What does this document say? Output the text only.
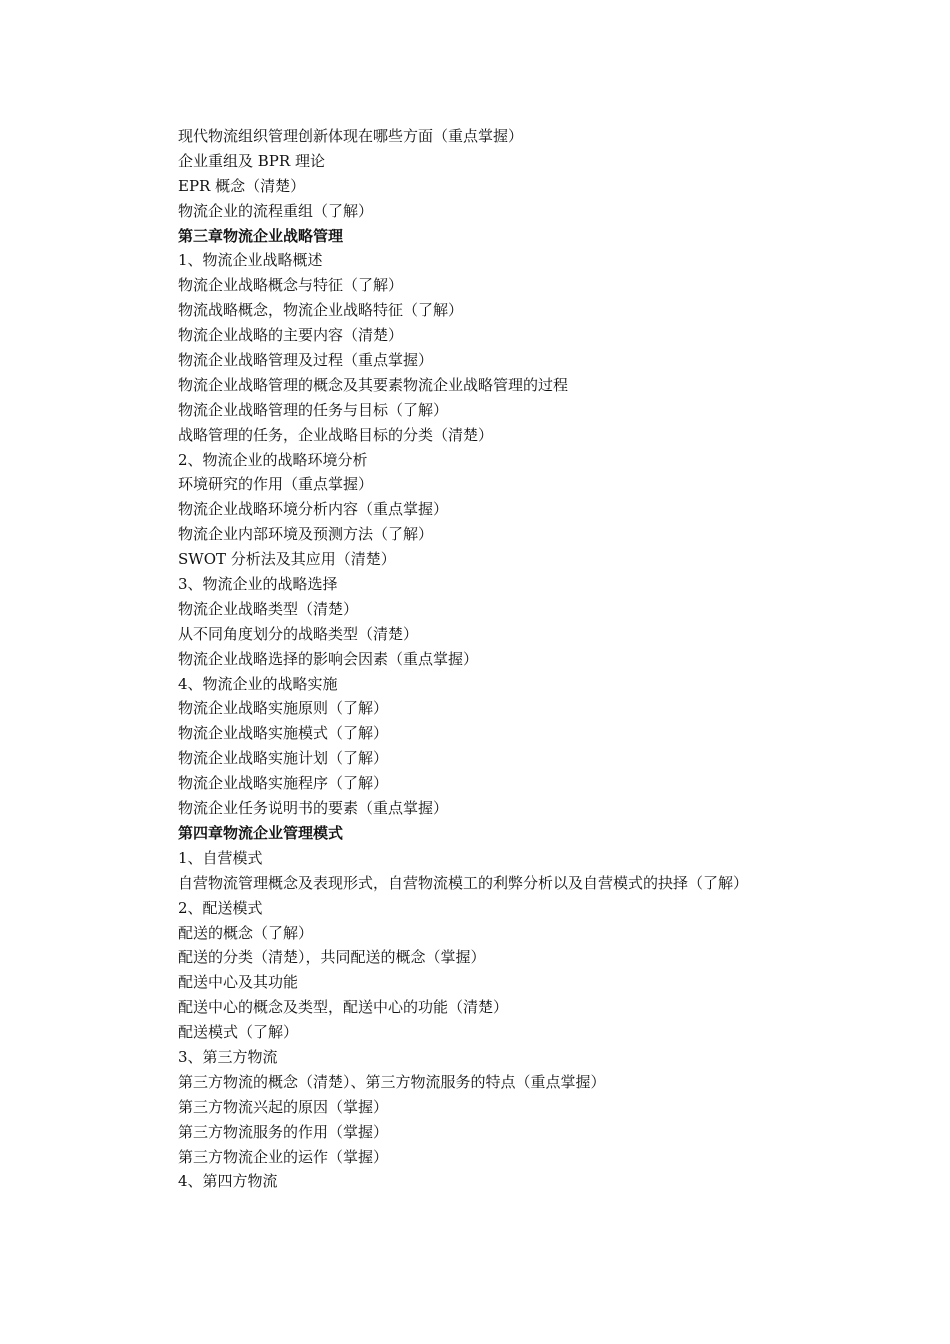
现代物流组织管理创新体现在哪些方面（重点掌握）
企业重组及 BPR 理论
EPR 概念（清楚）
物流企业的流程重组（了解）
第三章物流企业战略管理
1、物流企业战略概述
物流企业战略概念与特征（了解）
物流战略概念，物流企业战略特征（了解）
物流企业战略的主要内容（清楚）
物流企业战略管理及过程（重点掌握）
物流企业战略管理的概念及其要素物流企业战略管理的过程
物流企业战略管理的任务与目标（了解）
战略管理的任务，企业战略目标的分类（清楚）
2、物流企业的战略环境分析
环境研究的作用（重点掌握）
物流企业战略环境分析内容（重点掌握）
物流企业内部环境及预测方法（了解）
SWOT 分析法及其应用（清楚）
3、物流企业的战略选择
物流企业战略类型（清楚）
从不同角度划分的战略类型（清楚）
物流企业战略选择的影响会因素（重点掌握）
4、物流企业的战略实施
物流企业战略实施原则（了解）
物流企业战略实施模式（了解）
物流企业战略实施计划（了解）
物流企业战略实施程序（了解）
物流企业任务说明书的要素（重点掌握）
第四章物流企业管理模式
1、自营模式
自营物流管理概念及表现形式，自营物流模工的利弊分析以及自营模式的抉择（了解）
2、配送模式
配送的概念（了解）
配送的分类（清楚），共同配送的概念（掌握）
配送中心及其功能
配送中心的概念及类型，配送中心的功能（清楚）
配送模式（了解）
3、第三方物流
第三方物流的概念（清楚）、第三方物流服务的特点（重点掌握）
第三方物流兴起的原因（掌握）
第三方物流服务的作用（掌握）
第三方物流企业的运作（掌握）
4、第四方物流
